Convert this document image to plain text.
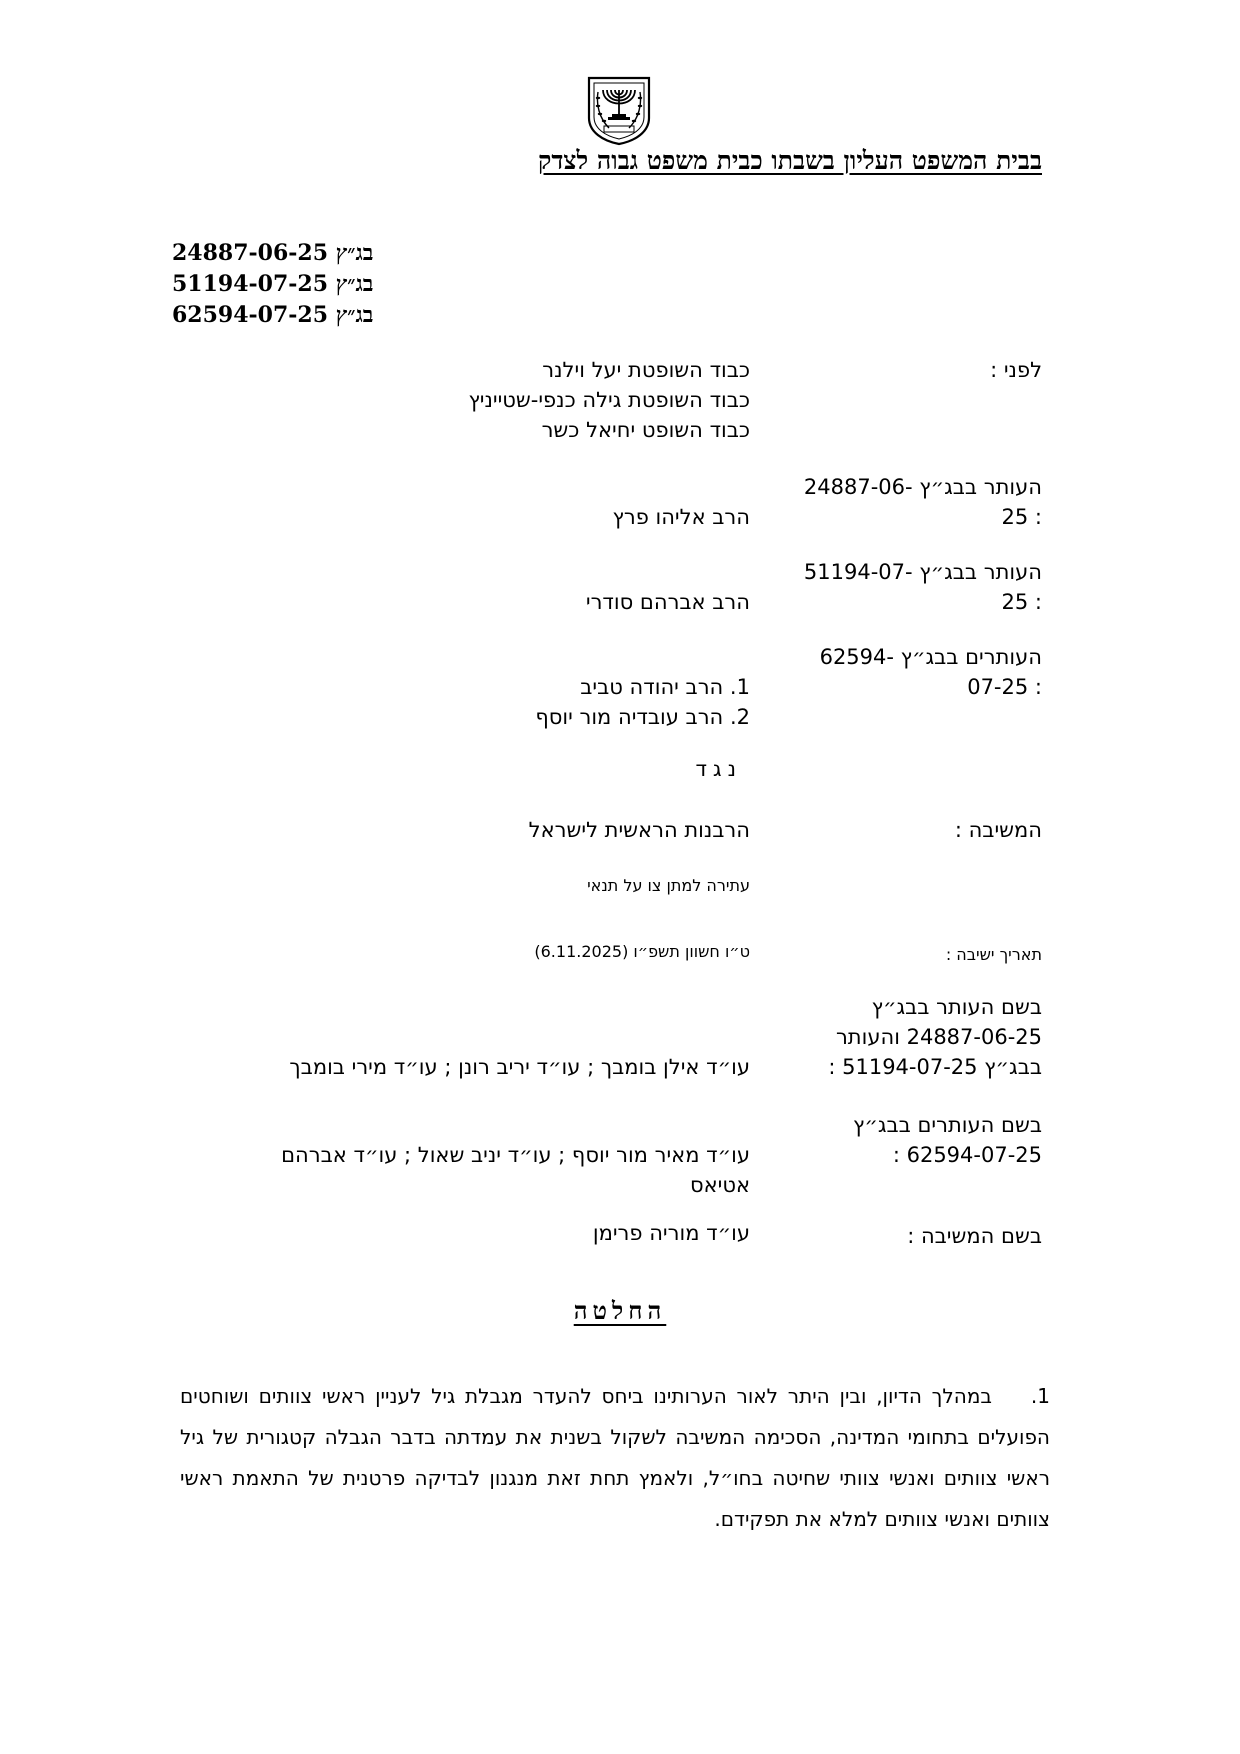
בבית המשפט העליון בשבתו כבית משפט גבוה לצדק
24887-06-25 בג״ץ
51194-07-25 בג״ץ
62594-07-25 בג״ץ
לפני :
כבוד השופטת יעל וילנר
כבוד השופטת גילה כנפי-שטייניץ
כבוד השופט יחיאל כשר
העותר בבג״ץ -24887-06
: 25
הרב אליהו פרץ
העותר בבג״ץ -51194-07
: 25
הרב אברהם סודרי
העותרים בבג״ץ -62594
: 07-25
1. הרב יהודה טביב
2. הרב עובדיה מור יוסף
נגד
המשיבה :
הרבנות הראשית לישראל
עתירה למתן צו על תנאי
תאריך ישיבה :
ט״ו חשוון תשפ״ו (6.11.2025)
בשם העותר בבג״ץ
24887-06-25 והעותר
בבג״ץ 51194-07-25 :
עו״ד אילן בומבך ; עו״ד יריב רונן ; עו״ד מירי בומבך
בשם העותרים בבג״ץ
62594-07-25 :
עו״ד מאיר מור יוסף ; עו״ד יניב שאול ; עו״ד אברהם
אטיאס
בשם המשיבה :
עו״ד מוריה פרימן
החלטה
1.במהלך הדיון, ובין היתר לאור הערותינו ביחס להעדר מגבלת גיל לעניין ראשי צוותים ושוחטים הפועלים בתחומי המדינה, הסכימה המשיבה לשקול בשנית את עמדתה בדבר הגבלה קטגורית של גיל ראשי צוותים ואנשי צוותי שחיטה בחו״ל, ולאמץ תחת זאת מנגנון לבדיקה פרטנית של התאמת ראשי צוותים ואנשי צוותים למלא את תפקידם.
